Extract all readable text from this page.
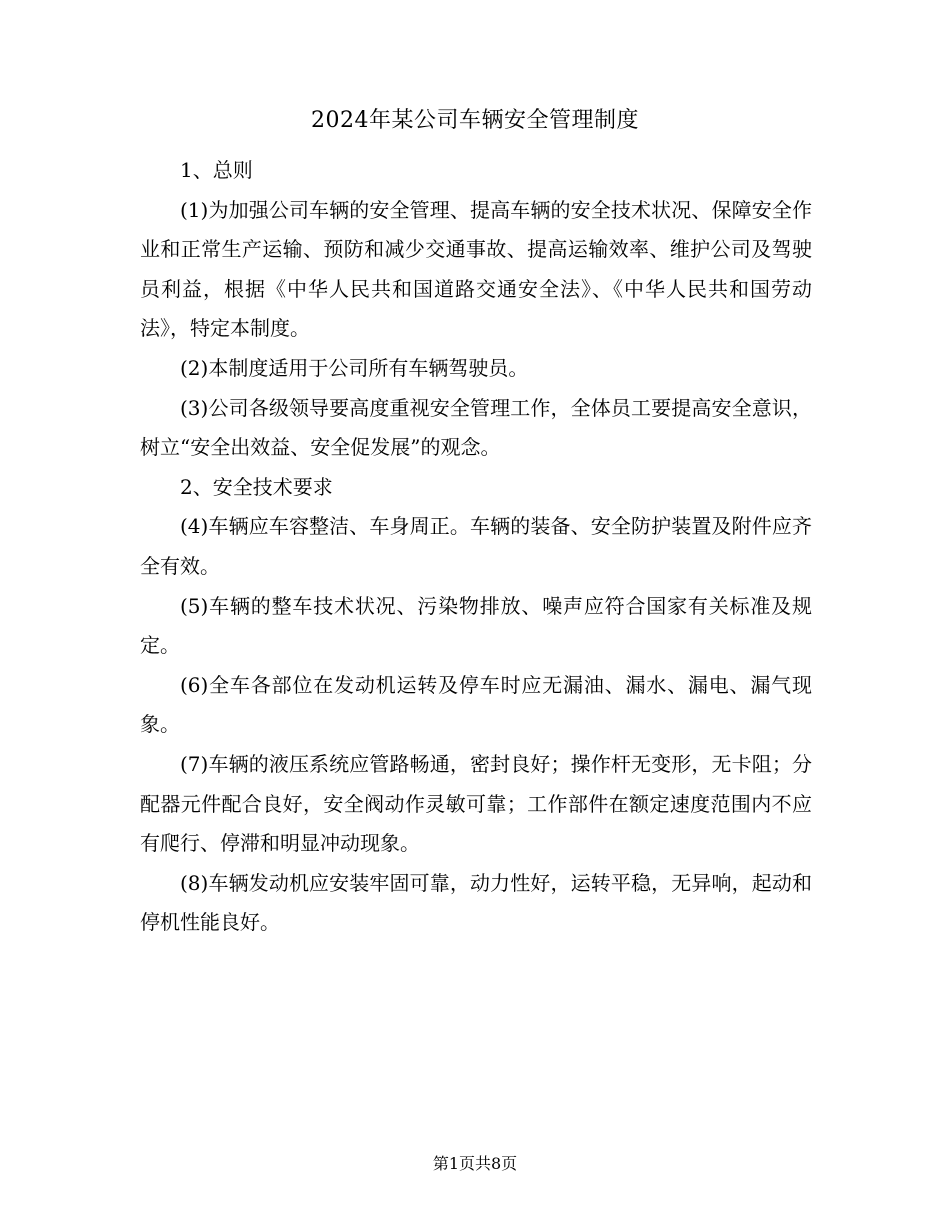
2024年某公司车辆安全管理制度

1、总则

(1)为加强公司车辆的安全管理、提高车辆的安全技术状况、保障安全作业和正常生产运输、预防和减少交通事故、提高运输效率、维护公司及驾驶员利益，根据《中华人民共和国道路交通安全法》、《中华人民共和国劳动法》，特定本制度。

(2)本制度适用于公司所有车辆驾驶员。

(3)公司各级领导要高度重视安全管理工作，全体员工要提高安全意识，树立“安全出效益、安全促发展”的观念。

2、安全技术要求

(4)车辆应车容整洁、车身周正。车辆的装备、安全防护装置及附件应齐全有效。

(5)车辆的整车技术状况、污染物排放、噪声应符合国家有关标准及规定。

(6)全车各部位在发动机运转及停车时应无漏油、漏水、漏电、漏气现象。

(7)车辆的液压系统应管路畅通，密封良好；操作杆无变形，无卡阻；分配器元件配合良好，安全阀动作灵敏可靠；工作部件在额定速度范围内不应有爬行、停滞和明显冲动现象。

(8)车辆发动机应安装牢固可靠，动力性好，运转平稳，无异响，起动和停机性能良好。

第1页共8页
